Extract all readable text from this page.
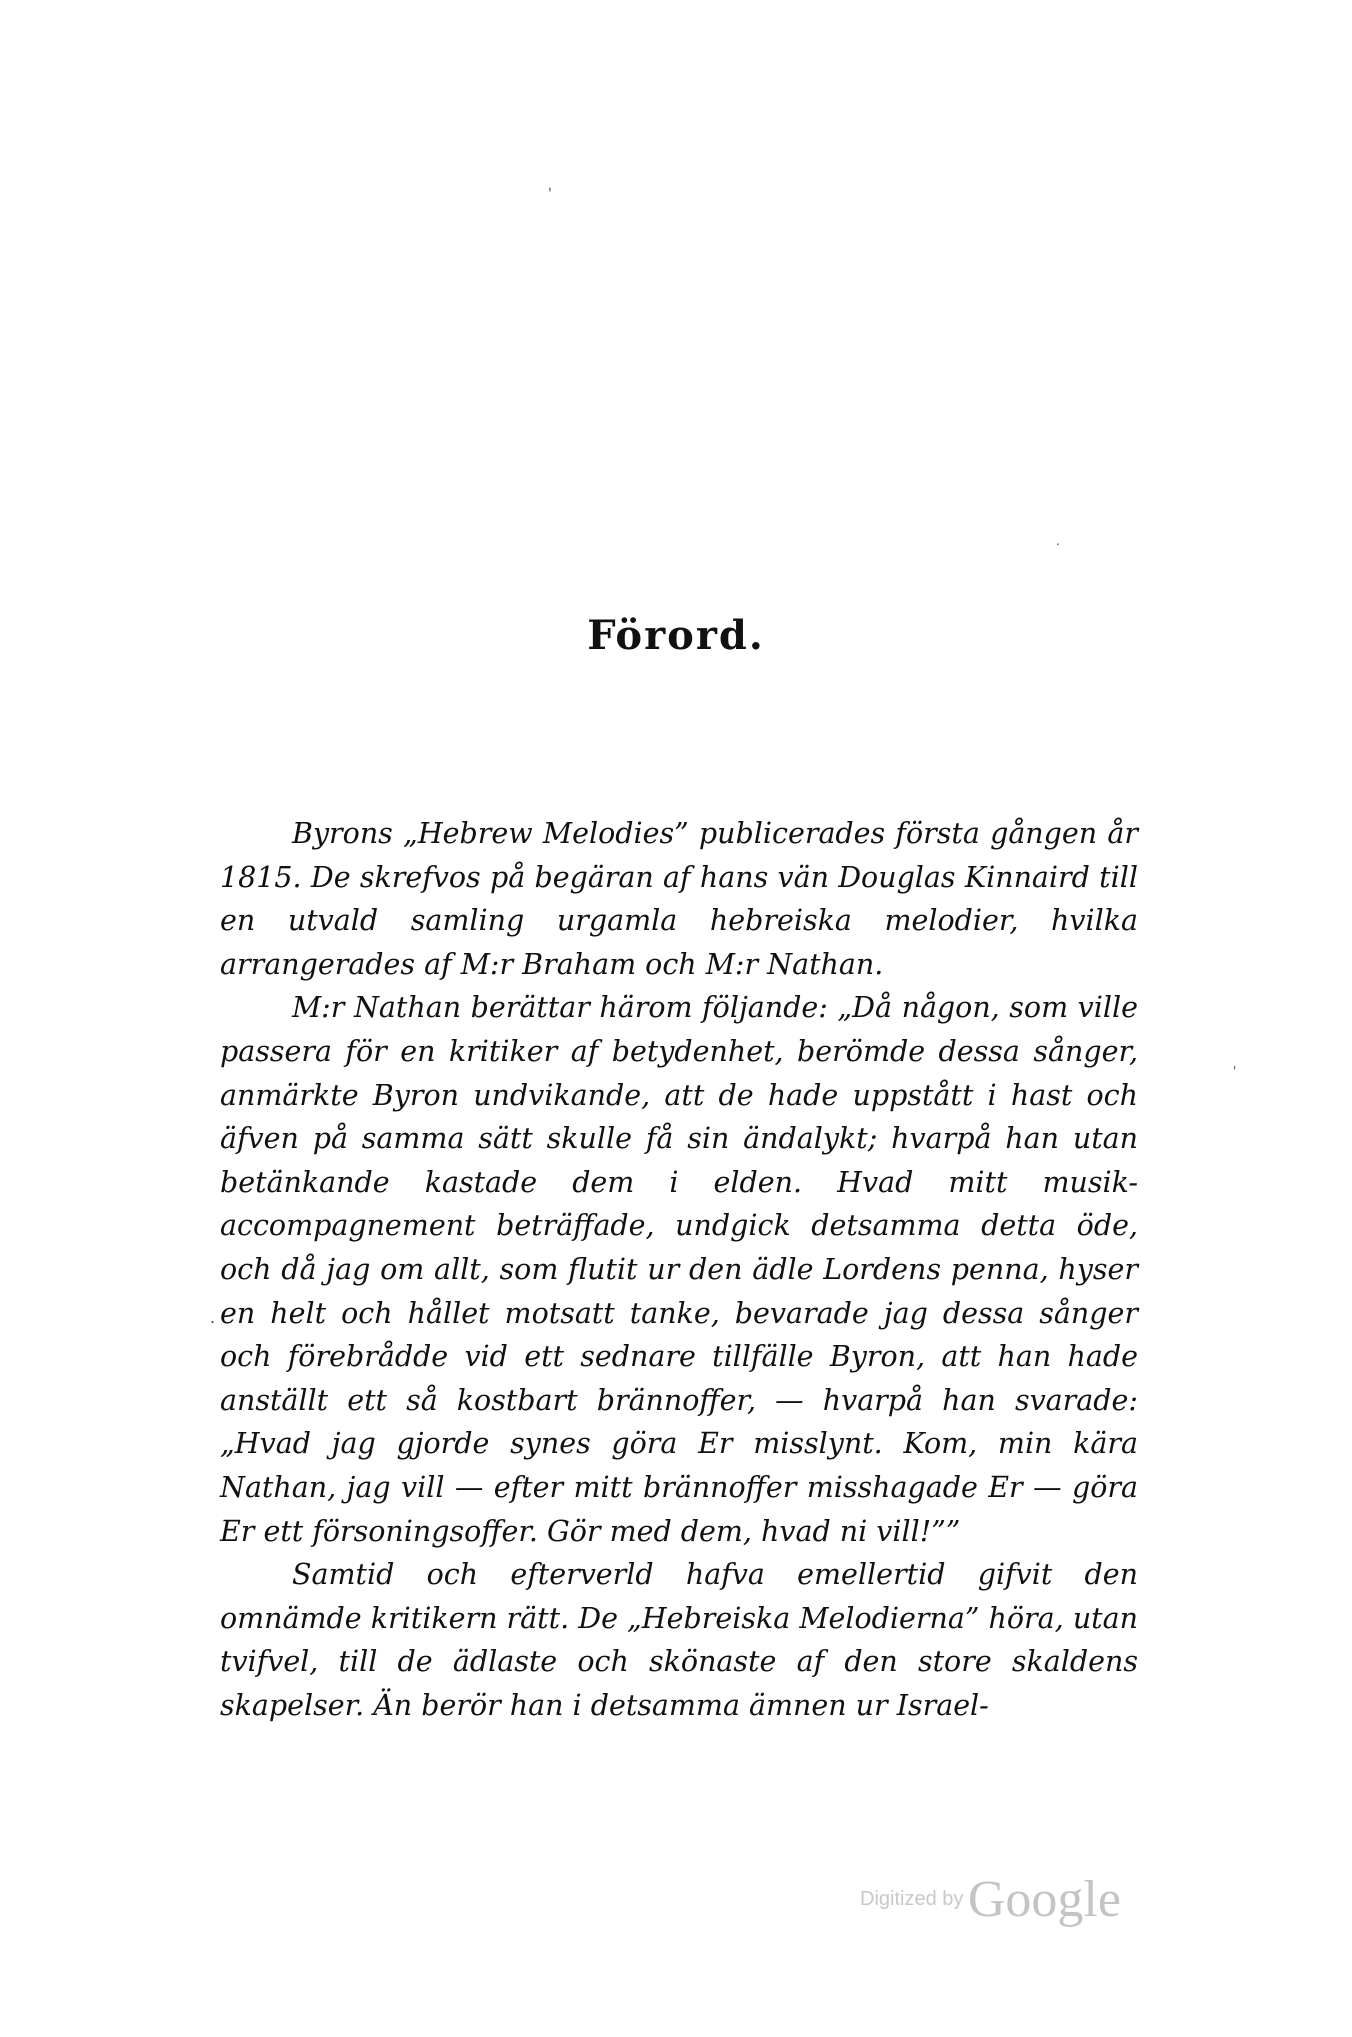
'
.
'
.
Förord.

Byrons „Hebrew Melodies” publicerades första gången år 1815. De skrefvos på begäran af hans vän Douglas Kinnaird till en utvald samling urgamla hebreiska melodier, hvilka arrangerades af M:r Braham och M:r Nathan.

M:r Nathan berättar härom följande: „Då någon, som ville passera för en kritiker af betydenhet, berömde dessa sånger, anmärkte Byron undvikande, att de hade uppstått i hast och äfven på samma sätt skulle få sin ändalykt; hvarpå han utan betänkande kastade dem i elden. Hvad mitt musik-accompagnement beträffade, undgick detsamma detta öde, och då jag om allt, som flutit ur den ädle Lordens penna, hyser en helt och hållet motsatt tanke, bevarade jag dessa sånger och förebrådde vid ett sednare tillfälle Byron, att han hade anställt ett så kostbart brännoffer, — hvarpå han svarade: „Hvad jag gjorde synes göra Er misslynt. Kom, min kära Nathan, jag vill — efter mitt brännoffer misshagade Er — göra Er ett försoningsoffer. Gör med dem, hvad ni vill!””

Samtid och efterverld hafva emellertid gifvit den omnämde kritikern rätt. De „Hebreiska Melodierna” höra, utan tvifvel, till de ädlaste och skönaste af den store skaldens skapelser. Än berör han i detsamma ämnen ur Israel-

Digitized by Google
